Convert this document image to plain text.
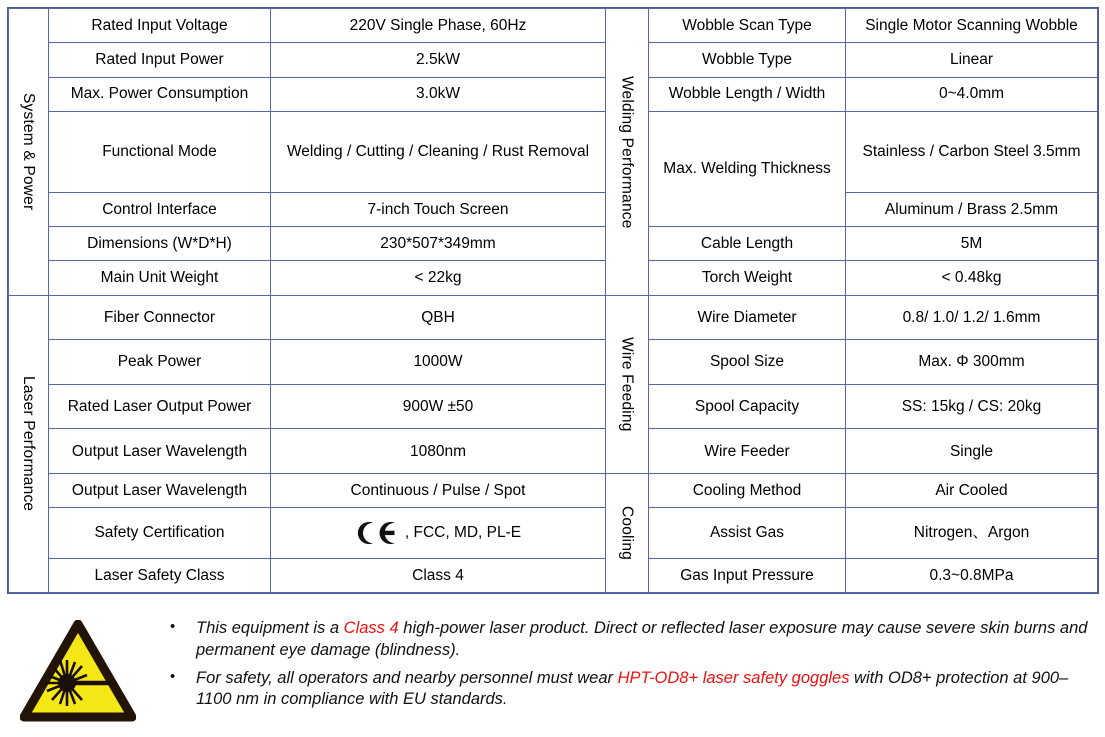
System & Power	Rated Input Voltage	220V Single Phase, 60Hz	Welding Performance	Wobble Scan Type	Single Motor Scanning Wobble
	Rated Input Power	2.5kW		Wobble Type	Linear
	Max. Power Consumption	3.0kW		Wobble Length / Width	0~4.0mm
	Functional Mode	Welding / Cutting / Cleaning / Rust Removal		Max. Welding Thickness	Stainless / Carbon Steel 3.5mm
	Control Interface	7-inch Touch Screen			Aluminum / Brass 2.5mm
	Dimensions (W*D*H)	230*507*349mm		Cable Length	5M
	Main Unit Weight	< 22kg		Torch Weight	< 0.48kg
Laser Performance	Fiber Connector	QBH	Wire Feeding	Wire Diameter	0.8/ 1.0/ 1.2/ 1.6mm
	Peak Power	1000W		Spool Size	Max. Φ 300mm
	Rated Laser Output Power	900W ±50		Spool Capacity	SS: 15kg / CS: 20kg
	Output Laser Wavelength	1080nm		Wire Feeder	Single
	Output Laser Wavelength	Continuous / Pulse / Spot	Cooling	Cooling Method	Air Cooled
	Safety Certification	, FCC, MD, PL-E		Assist Gas	Nitrogen、Argon
	Laser Safety Class	Class 4		Gas Input Pressure	0.3~0.8MPa
• This equipment is a Class 4 high-power laser product. Direct or reflected laser exposure may cause severe skin burns and permanent eye damage (blindness).
• For safety, all operators and nearby personnel must wear HPT-OD8+ laser safety goggles with OD8+ protection at 900–1100 nm in compliance with EU standards.
